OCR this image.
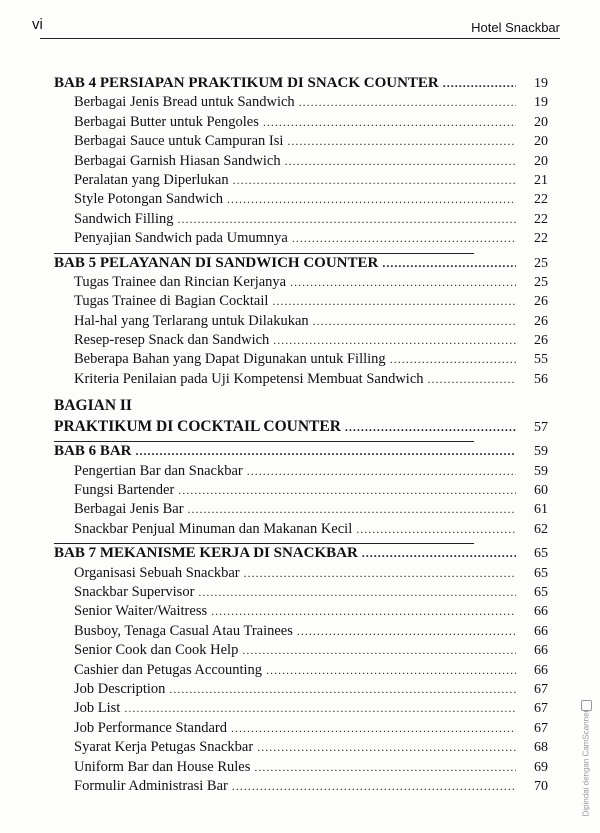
vi	Hotel Snackbar
BAB 4 PERSIAPAN PRAKTIKUM DI SNACK COUNTER .....	19
Berbagai Jenis Bread untuk Sandwich .....	19
Berbagai Butter untuk Pengoles .....	20
Berbagai Sauce untuk Campuran Isi .....	20
Berbagai Garnish Hiasan Sandwich .....	20
Peralatan yang Diperlukan .....	21
Style Potongan Sandwich .....	22
Sandwich Filling .....	22
Penyajian Sandwich pada Umumnya .....	22
BAB 5 PELAYANAN DI SANDWICH COUNTER .....	25
Tugas Trainee dan Rincian Kerjanya .....	25
Tugas Trainee di Bagian Cocktail .....	26
Hal-hal yang Terlarang untuk Dilakukan .....	26
Resep-resep Snack dan Sandwich .....	26
Beberapa Bahan yang Dapat Digunakan untuk Filling .....	55
Kriteria Penilaian pada Uji Kompetensi Membuat Sandwich .....	56
BAGIAN II
PRAKTIKUM DI COCKTAIL COUNTER .....	57
BAB 6 BAR .....	59
Pengertian Bar dan Snackbar .....	59
Fungsi Bartender .....	60
Berbagai Jenis Bar .....	61
Snackbar Penjual Minuman dan Makanan Kecil .....	62
BAB 7 MEKANISME KERJA DI SNACKBAR .....	65
Organisasi Sebuah Snackbar .....	65
Snackbar Supervisor .....	65
Senior Waiter/Waitress .....	66
Busboy, Tenaga Casual Atau Trainees .....	66
Senior Cook dan Cook Help .....	66
Cashier dan Petugas Accounting .....	66
Job Description .....	67
Job List .....	67
Job Performance Standard .....	67
Syarat Kerja Petugas Snackbar .....	68
Uniform Bar dan House Rules .....	69
Formulir Administrasi Bar .....	70	Dipindai dengan CamScanner
